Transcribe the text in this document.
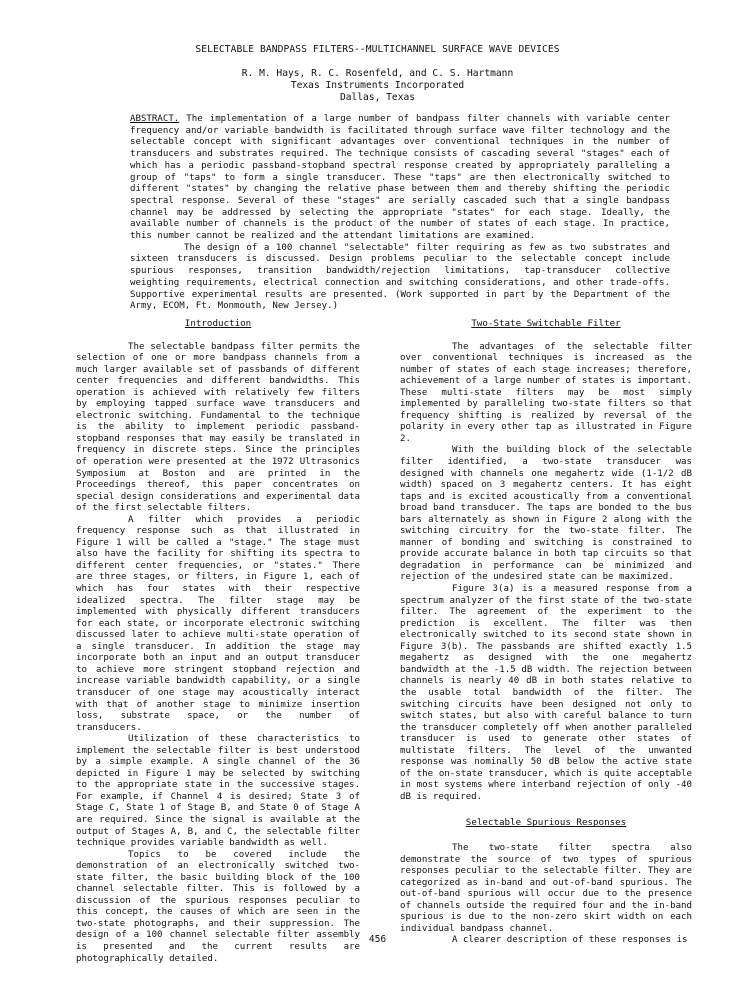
SELECTABLE BANDPASS FILTERS--MULTICHANNEL SURFACE WAVE DEVICES
R. M. Hays, R. C. Rosenfeld, and C. S. Hartmann
Texas Instruments Incorporated
Dallas, Texas

ABSTRACT. The implementation of a large number of bandpass filter channels with variable center frequency and/or variable bandwidth is facilitated through surface wave filter technology and the selectable concept with significant advantages over conventional techniques in the number of transducers and substrates required. The technique consists of cascading several "stages" each of which has a periodic passband-stopband spectral response created by appropriately paralleling a group of "taps" to form a single transducer. These "taps" are then electronically switched to different "states" by changing the relative phase between them and thereby shifting the periodic spectral response. Several of these "stages" are serially cascaded such that a single bandpass channel may be addressed by selecting the appropriate "states" for each stage. Ideally, the available number of channels is the product of the number of states of each stage. In practice, this number cannot be realized and the attendant limitations are examined.

The design of a 100 channel "selectable" filter requiring as few as two substrates and sixteen transducers is discussed. Design problems peculiar to the selectable concept include spurious responses, transition bandwidth/rejection limitations, tap-transducer collective weighting requirements, electrical connection and switching considerations, and other trade-offs. Supportive experimental results are presented. (Work supported in part by the Department of the Army, ECOM, Ft. Monmouth, New Jersey.)

Introduction

The selectable bandpass filter permits the selection of one or more bandpass channels from a much larger available set of passbands of different center frequencies and different bandwidths. This operation is achieved with relatively few filters by employing tapped surface wave transducers and electronic switching. Fundamental to the technique is the ability to implement periodic passband-stopband responses that may easily be translated in frequency in discrete steps. Since the principles of operation were presented at the 1972 Ultrasonics Symposium at Boston and are printed in the Proceedings thereof, this paper concentrates on special design considerations and experimental data of the first selectable filters.

A filter which provides a periodic frequency response such as that illustrated in Figure 1 will be called a "stage." The stage must also have the facility for shifting its spectra to different center frequencies, or "states." There are three stages, or filters, in Figure 1, each of which has four states with their respective idealized spectra. The filter stage may be implemented with physically different transducers for each state, or incorporate electronic switching discussed later to achieve multi-state operation of a single transducer. In addition the stage may incorporate both an input and an output transducer to achieve more stringent stopband rejection and increase variable bandwidth capability, or a single transducer of one stage may acoustically interact with that of another stage to minimize insertion loss, substrate space, or the number of transducers.

Utilization of these characteristics to implement the selectable filter is best understood by a simple example. A single channel of the 36 depicted in Figure 1 may be selected by switching to the appropriate state in the successive stages. For example, if Channel 4 is desired; State 3 of Stage C, State 1 of Stage B, and State 0 of Stage A are required. Since the signal is available at the output of Stages A, B, and C, the selectable filter technique provides variable bandwidth as well.

Topics to be covered include the demonstration of an electronically switched two-state filter, the basic building block of the 100 channel selectable filter. This is followed by a discussion of the spurious responses peculiar to this concept, the causes of which are seen in the two-state photographs, and their suppression. The design of a 100 channel selectable filter assembly is presented and the current results are photographically detailed.

Two-State Switchable Filter

The advantages of the selectable filter over conventional techniques is increased as the number of states of each stage increases; therefore, achievement of a large number of states is important. These multi-state filters may be most simply implemented by paralleling two-state filters so that frequency shifting is realized by reversal of the polarity in every other tap as illustrated in Figure 2.

With the building block of the selectable filter identified, a two-state transducer was designed with channels one megahertz wide (1-1/2 dB width) spaced on 3 megahertz centers. It has eight taps and is excited acoustically from a conventional broad band transducer. The taps are bonded to the bus bars alternately as shown in Figure 2 along with the switching circuitry for the two-state filter. The manner of bonding and switching is constrained to provide accurate balance in both tap circuits so that degradation in performance can be minimized and rejection of the undesired state can be maximized.

Figure 3(a) is a measured response from a spectrum analyzer of the first state of the two-state filter. The agreement of the experiment to the prediction is excellent. The filter was then electronically switched to its second state shown in Figure 3(b). The passbands are shifted exactly 1.5 megahertz as designed with the one megahertz bandwidth at the -1.5 dB width. The rejection between channels is nearly 40 dB in both states relative to the usable total bandwidth of the filter. The switching circuits have been designed not only to switch states, but also with careful balance to turn the transducer completely off when another paralleled transducer is used to generate other states of multistate filters. The level of the unwanted response was nominally 50 dB below the active state of the on-state transducer, which is quite acceptable in most systems where interband rejection of only -40 dB is required.

Selectable Spurious Responses

The two-state filter spectra also demonstrate the source of two types of spurious responses peculiar to the selectable filter. They are categorized as in-band and out-of-band spurious. The out-of-band spurious will occur due to the presence of channels outside the required four and the in-band spurious is due to the non-zero skirt width on each individual bandpass channel.

A clearer description of these responses is

456
